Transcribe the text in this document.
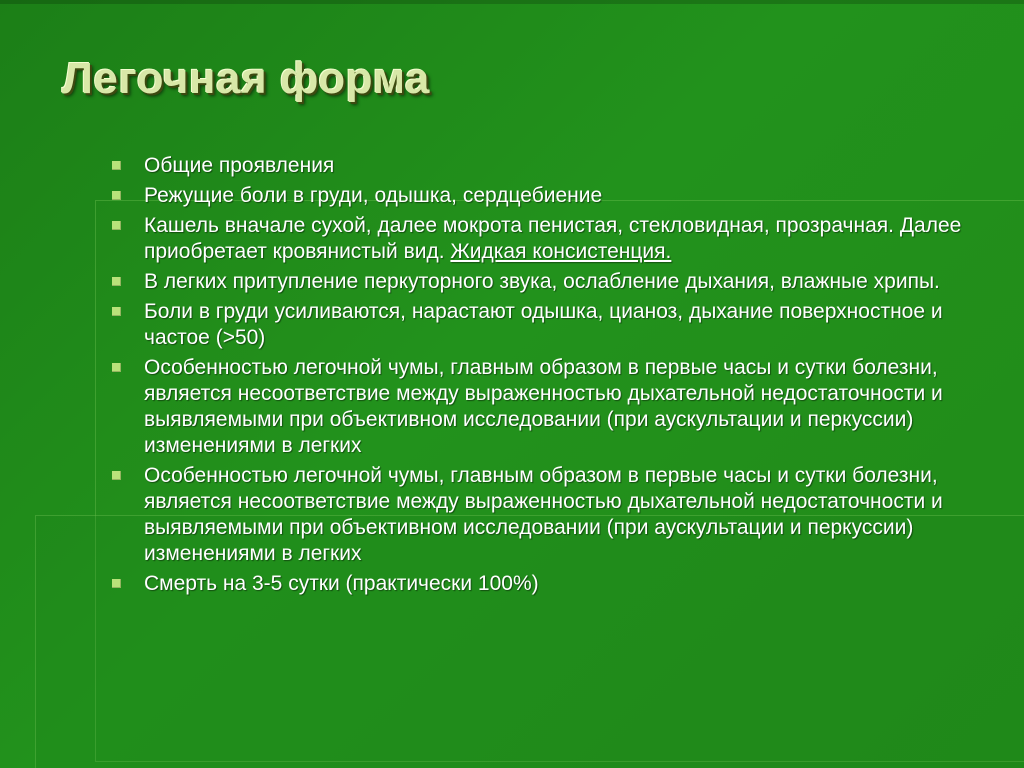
Легочная форма
Общие проявления
Режущие боли в груди, одышка, сердцебиение
Кашель вначале сухой, далее мокрота пенистая, стекловидная, прозрачная. Далее приобретает кровянистый вид. Жидкая консистенция.
В легких притупление перкуторного звука, ослабление дыхания, влажные хрипы.
Боли в груди усиливаются, нарастают одышка, цианоз, дыхание поверхностное и частое (>50)
Особенностью легочной чумы, главным образом в первые часы и сутки болезни, является несоответствие между выраженностью дыхательной недостаточности и выявляемыми при объективном исследовании (при аускультации и перкуссии) изменениями в легких
Особенностью легочной чумы, главным образом в первые часы и сутки болезни, является несоответствие между выраженностью дыхательной недостаточности и выявляемыми при объективном исследовании (при аускультации и перкуссии) изменениями в легких
Смерть на 3-5 сутки (практически 100%)
